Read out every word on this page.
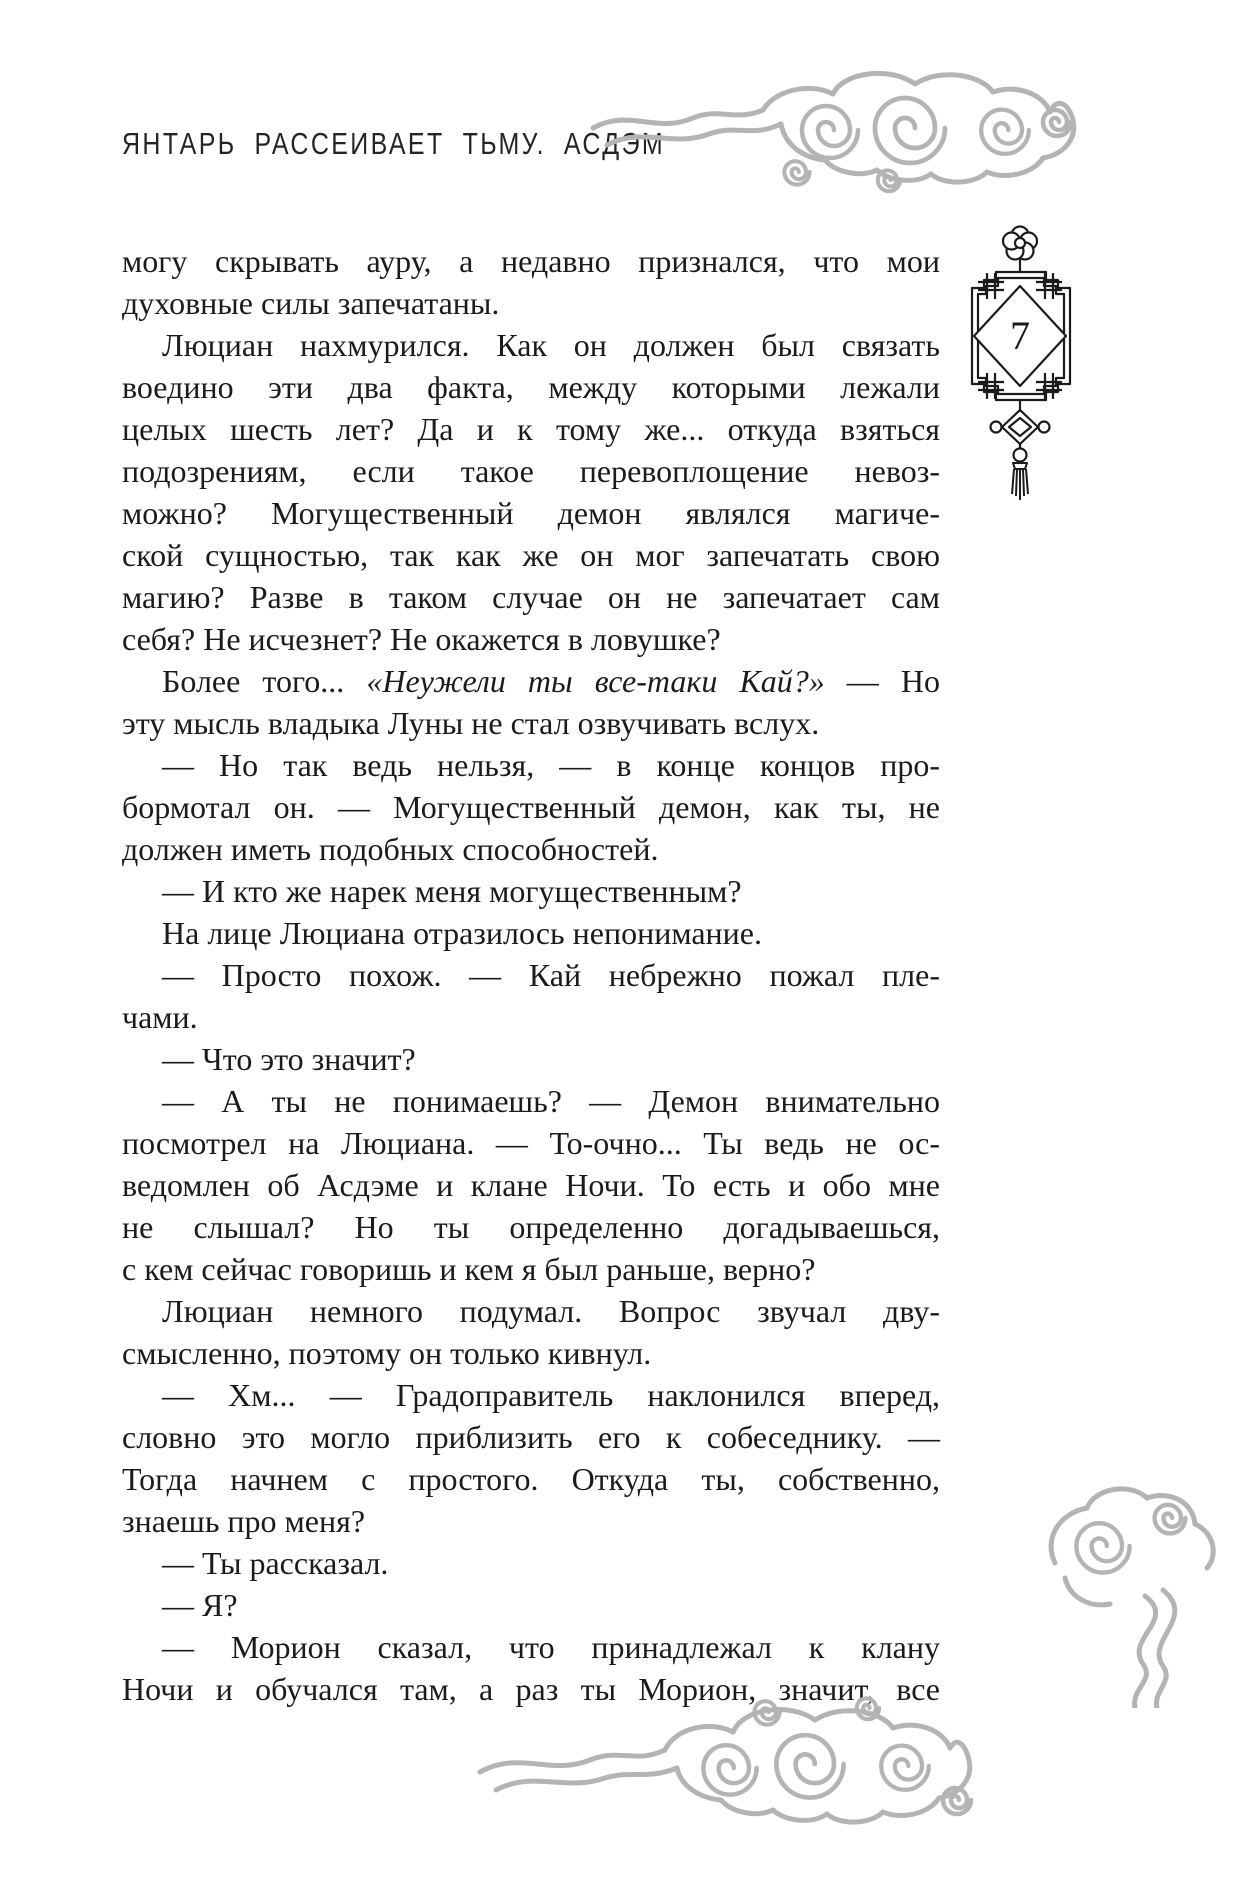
ЯНТАРЬ РАССЕИВАЕТ ТЬМУ. АСДЭМ
7
могу скрывать ауру, а недавно признался, что мои
духовные силы запечатаны.
Люциан нахмурился. Как он должен был связать
воедино эти два факта, между которыми лежали
целых шесть лет? Да и к тому же... откуда взяться
подозрениям, если такое перевоплощение невоз-
можно? Могущественный демон являлся магиче-
ской сущностью, так как же он мог запечатать свою
магию? Разве в таком случае он не запечатает сам
себя? Не исчезнет? Не окажется в ловушке?
Более того... «Неужели ты все-таки Кай?» — Но
эту мысль владыка Луны не стал озвучивать вслух.
— Но так ведь нельзя, — в конце концов про-
бормотал он. — Могущественный демон, как ты, не
должен иметь подобных способностей.
— И кто же нарек меня могущественным?
На лице Люциана отразилось непонимание.
— Просто похож. — Кай небрежно пожал пле-
чами.
— Что это значит?
— А ты не понимаешь? — Демон внимательно
посмотрел на Люциана. — То-очно... Ты ведь не ос-
ведомлен об Асдэме и клане Ночи. То есть и обо мне
не слышал? Но ты определенно догадываешься,
с кем сейчас говоришь и кем я был раньше, верно?
Люциан немного подумал. Вопрос звучал дву-
смысленно, поэтому он только кивнул.
— Хм... — Градоправитель наклонился вперед,
словно это могло приблизить его к собеседнику. —
Тогда начнем с простого. Откуда ты, собственно,
знаешь про меня?
— Ты рассказал.
— Я?
— Морион сказал, что принадлежал к клану
Ночи и обучался там, а раз ты Морион, значит, все
